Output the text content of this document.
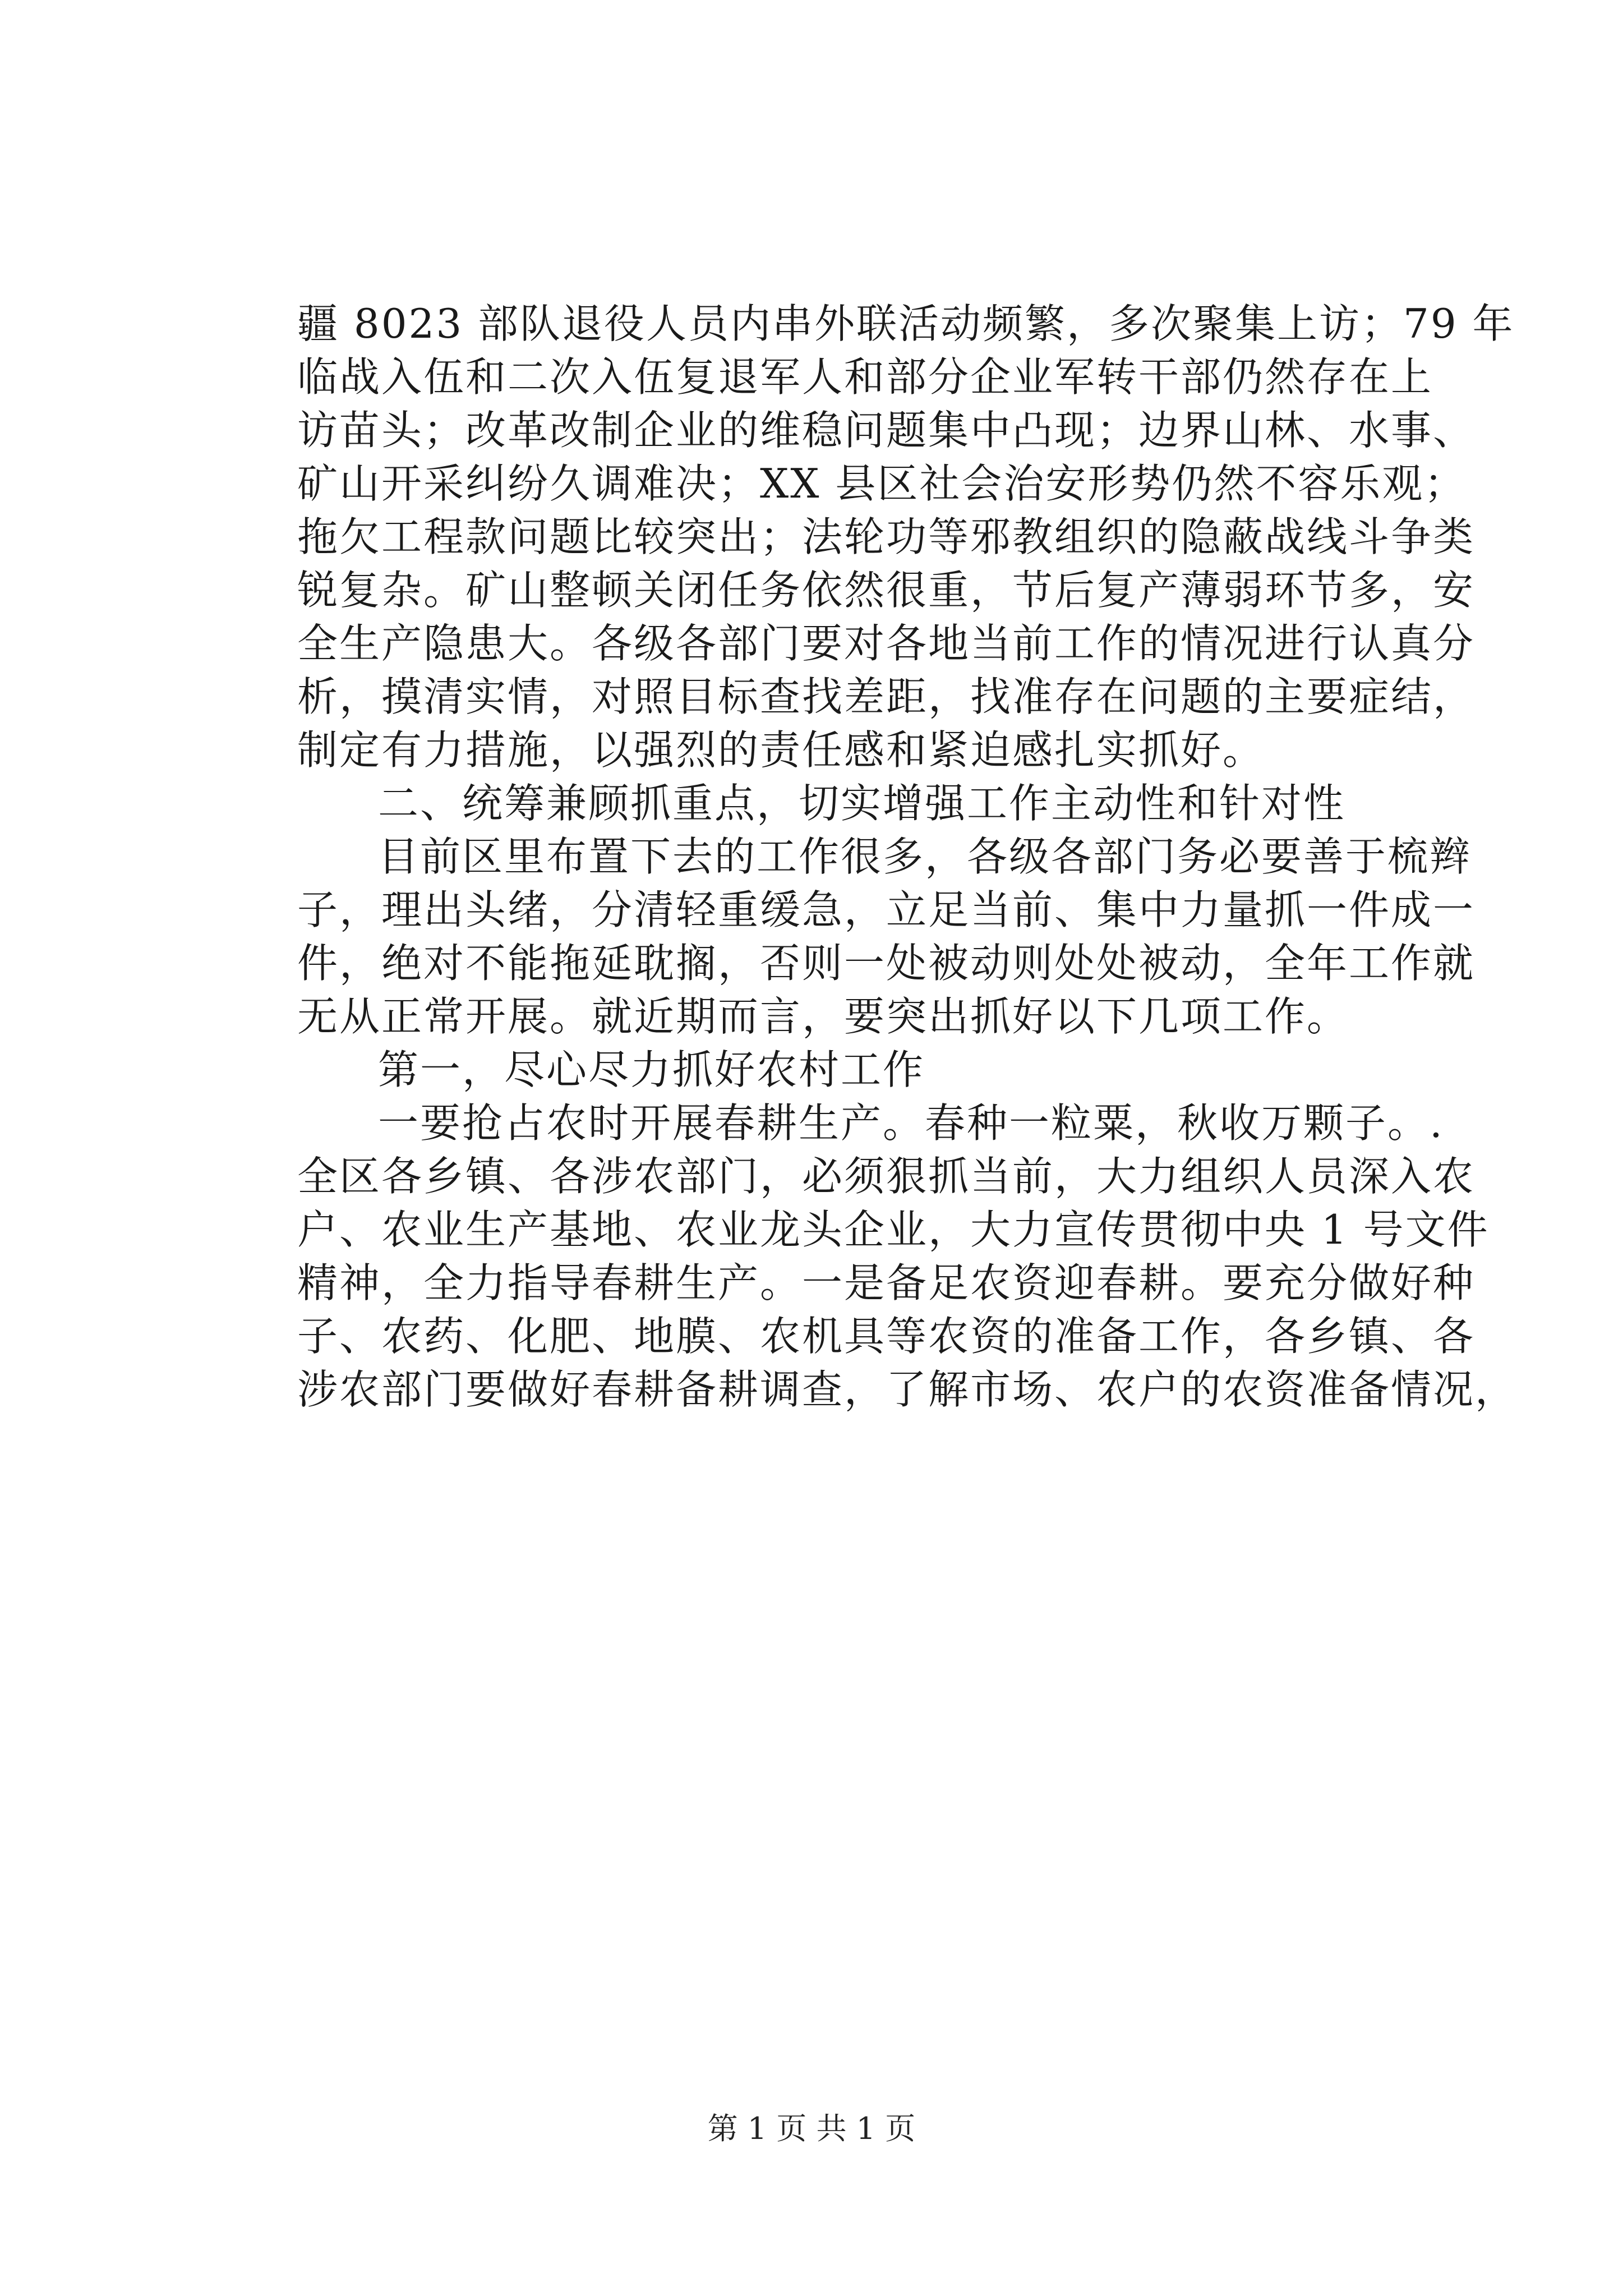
疆 8023 部队退役人员内串外联活动频繁，多次聚集上访；79 年

临战入伍和二次入伍复退军人和部分企业军转干部仍然存在上

访苗头；改革改制企业的维稳问题集中凸现；边界山林、水事、

矿山开采纠纷久调难决；XX 县区社会治安形势仍然不容乐观；

拖欠工程款问题比较突出；法轮功等邪教组织的隐蔽战线斗争类

锐复杂。矿山整顿关闭任务依然很重，节后复产薄弱环节多，安

全生产隐患大。各级各部门要对各地当前工作的情况进行认真分

析，摸清实情，对照目标查找差距，找准存在问题的主要症结，

制定有力措施，以强烈的责任感和紧迫感扎实抓好。

二、统筹兼顾抓重点，切实增强工作主动性和针对性

目前区里布置下去的工作很多，各级各部门务必要善于梳辫

子，理出头绪，分清轻重缓急，立足当前、集中力量抓一件成一

件，绝对不能拖延耽搁，否则一处被动则处处被动，全年工作就

无从正常开展。就近期而言，要突出抓好以下几项工作。

第一，尽心尽力抓好农村工作

一要抢占农时开展春耕生产。春种一粒粟，秋收万颗子。.

全区各乡镇、各涉农部门，必须狠抓当前，大力组织人员深入农

户、农业生产基地、农业龙头企业，大力宣传贯彻中央 1 号文件

精神，全力指导春耕生产。一是备足农资迎春耕。要充分做好种

子、农药、化肥、地膜、农机具等农资的准备工作，各乡镇、各

涉农部门要做好春耕备耕调查，了解市场、农户的农资准备情况，

第 1 页 共 1 页
